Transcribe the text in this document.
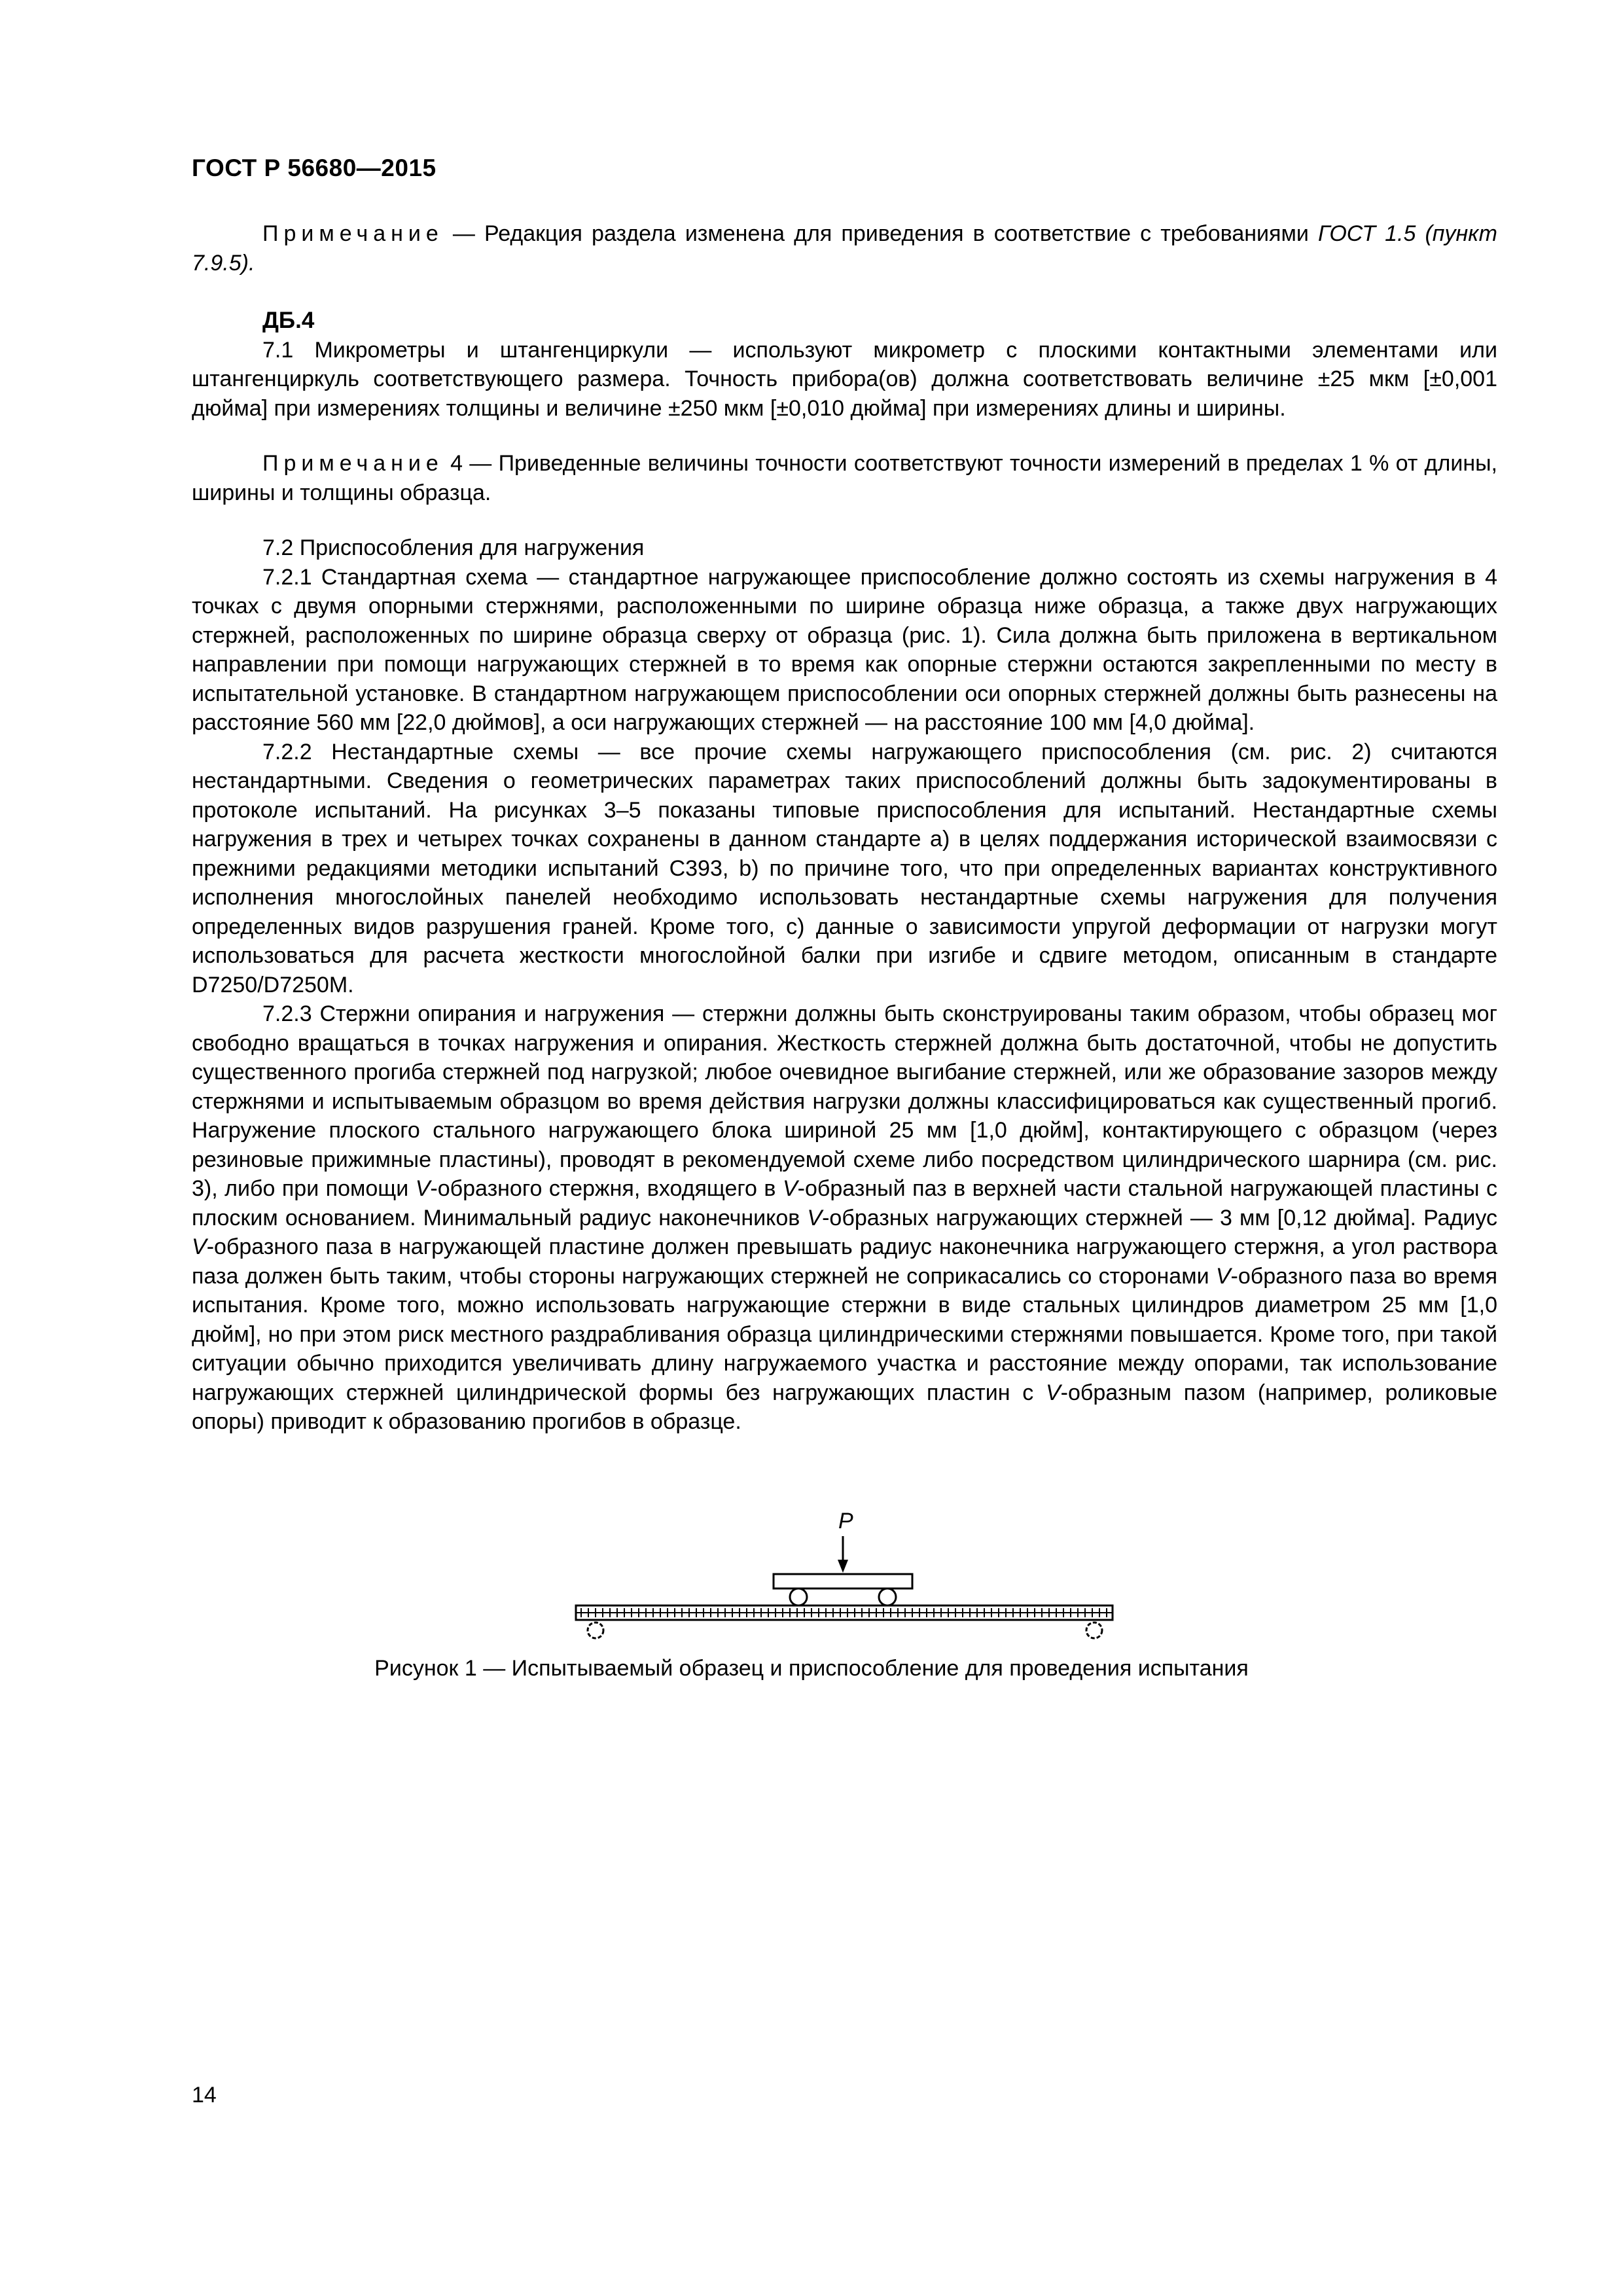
ГОСТ Р 56680—2015

Примечание — Редакция раздела изменена для приведения в соответствие с требованиями ГОСТ 1.5 (пункт 7.9.5).

ДБ.4

7.1 Микрометры и штангенциркули — используют микрометр с плоскими контактными элементами или штангенциркуль соответствующего размера. Точность прибора(ов) должна соответствовать величине ±25 мкм [±0,001 дюйма] при измерениях толщины и величине ±250 мкм [±0,010 дюйма] при измерениях длины и ширины.

Примечание 4 — Приведенные величины точности соответствуют точности измерений в пределах 1 % от длины, ширины и толщины образца.

7.2 Приспособления для нагружения

7.2.1 Стандартная схема — стандартное нагружающее приспособление должно состоять из схемы нагружения в 4 точках с двумя опорными стержнями, расположенными по ширине образца ниже образца, а также двух нагружающих стержней, расположенных по ширине образца сверху от образца (рис. 1). Сила должна быть приложена в вертикальном направлении при помощи нагружающих стержней в то время как опорные стержни остаются закрепленными по месту в испытательной установке. В стандартном нагружающем приспособлении оси опорных стержней должны быть разнесены на расстояние 560 мм [22,0 дюймов], а оси нагружающих стержней — на расстояние 100 мм [4,0 дюйма].

7.2.2 Нестандартные схемы — все прочие схемы нагружающего приспособления (см. рис. 2) считаются нестандартными. Сведения о геометрических параметрах таких приспособлений должны быть задокументированы в протоколе испытаний. На рисунках 3–5 показаны типовые приспособления для испытаний. Нестандартные схемы нагружения в трех и четырех точках сохранены в данном стандарте a) в целях поддержания исторической взаимосвязи с прежними редакциями методики испытаний C393, b) по причине того, что при определенных вариантах конструктивного исполнения многослойных панелей необходимо использовать нестандартные схемы нагружения для получения определенных видов разрушения граней. Кроме того, c) данные о зависимости упругой деформации от нагрузки могут использоваться для расчета жесткости многослойной балки при изгибе и сдвиге методом, описанным в стандарте D7250/D7250M.

7.2.3 Стержни опирания и нагружения — стержни должны быть сконструированы таким образом, чтобы образец мог свободно вращаться в точках нагружения и опирания. Жесткость стержней должна быть достаточной, чтобы не допустить существенного прогиба стержней под нагрузкой; любое очевидное выгибание стержней, или же образование зазоров между стержнями и испытываемым образцом во время действия нагрузки должны классифицироваться как существенный прогиб. Нагружение плоского стального нагружающего блока шириной 25 мм [1,0 дюйм], контактирующего с образцом (через резиновые прижимные пластины), проводят в рекомендуемой схеме либо посредством цилиндрического шарнира (см. рис. 3), либо при помощи V-образного стержня, входящего в V-образный паз в верхней части стальной нагружающей пластины с плоским основанием. Минимальный радиус наконечников V-образных нагружающих стержней — 3 мм [0,12 дюйма]. Радиус V-образного паза в нагружающей пластине должен превышать радиус наконечника нагружающего стержня, а угол раствора паза должен быть таким, чтобы стороны нагружающих стержней не соприкасались со сторонами V-образного паза во время испытания. Кроме того, можно использовать нагружающие стержни в виде стальных цилиндров диаметром 25 мм [1,0 дюйм], но при этом риск местного раздрабливания образца цилиндрическими стержнями повышается. Кроме того, при такой ситуации обычно приходится увеличивать длину нагружаемого участка и расстояние между опорами, так использование нагружающих стержней цилиндрической формы без нагружающих пластин с V-образным пазом (например, роликовые опоры) приводит к образованию прогибов в образце.

P
Рисунок 1 — Испытываемый образец и приспособление для проведения испытания
14
